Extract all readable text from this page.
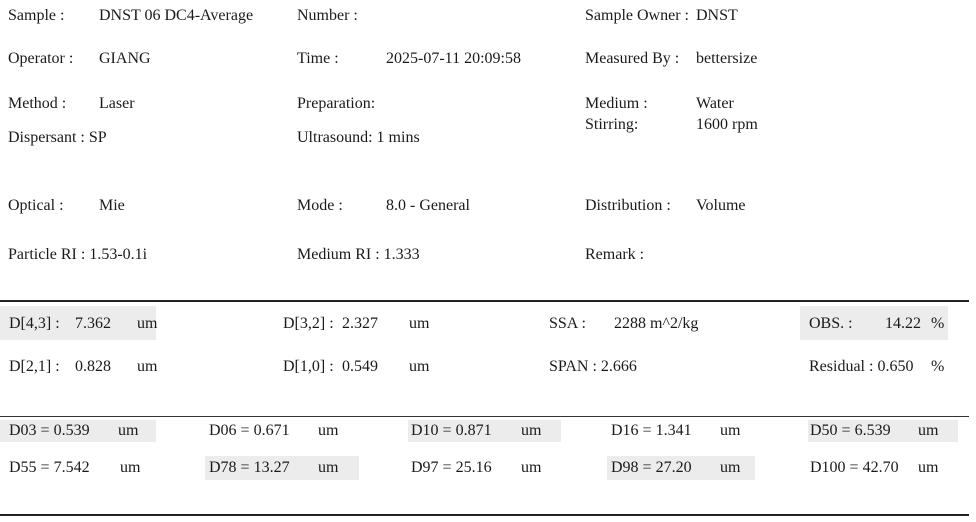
Sample : DNST 06 DC4-Average	Number :	Sample Owner : DNST
Operator : GIANG	Time :	2025-07-11 20:09:58	Measured By : bettersize
Method : Laser	Preparation:	Medium :	Water
Stirring:	1600 rpm
Dispersant : SP	Ultrasound: 1 mins
Optical : Mie	Mode :	8.0 - General	Distribution : Volume
Particle RI : 1.53-0.1i	Medium RI : 1.333	Remark :
D[4,3] : 7.362 um	D[3,2] : 2.327 um	SSA : 2288 m^2/kg	OBS. : 14.22 %
D[2,1] : 0.828 um	D[1,0] : 0.549 um	SPAN : 2.666	Residual : 0.650 %
D03 = 0.539 um	D06 = 0.671 um	D10 = 0.871 um	D16 = 1.341 um	D50 = 6.539 um
D55 = 7.542 um	D78 = 13.27 um	D97 = 25.16 um	D98 = 27.20 um	D100 = 42.70 um
